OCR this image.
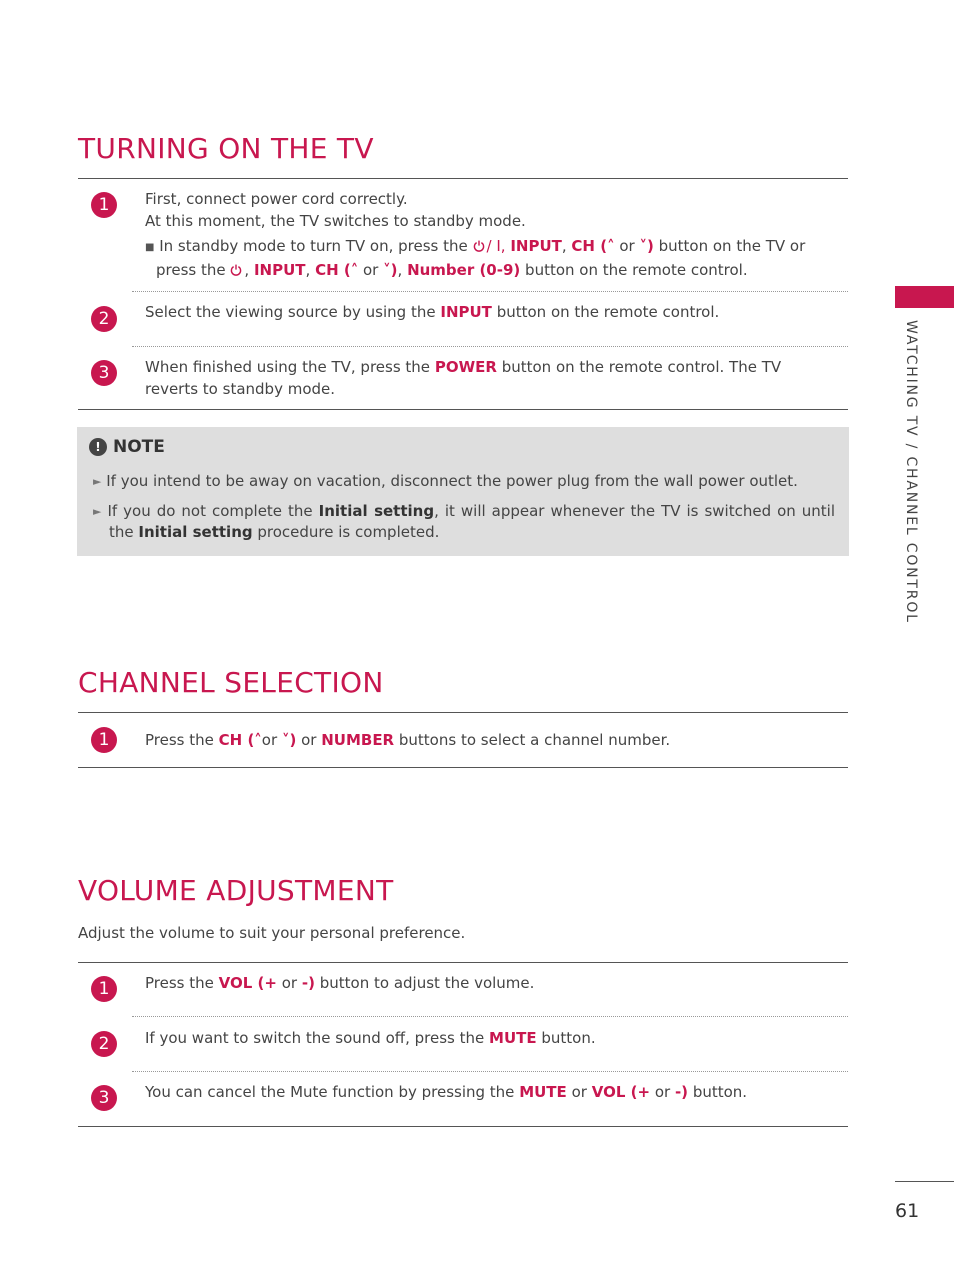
TURNING ON THE TV
1	First, connect power cord correctly.

At this moment, the TV switches to standby mode.

■ In standby mode to turn TV on, press the / I, INPUT, CH (˄ or ˅) button on the TV or press the , INPUT, CH (˄ or ˅), Number (0-9) button on the remote control.

2	Select the viewing source by using the INPUT button on the remote control.

3	When finished using the TV, press the POWER button on the remote control. The TV reverts to standby mode.

! NOTE

► If you intend to be away on vacation, disconnect the power plug from the wall power outlet.

► If you do not complete the Initial setting, it will appear whenever the TV is switched on until the Initial setting procedure is completed.

CHANNEL SELECTION
1	Press the CH (˄or ˅) or NUMBER buttons to select a channel number.

VOLUME ADJUSTMENT
Adjust the volume to suit your personal preference.
1	Press the VOL (+ or -) button to adjust the volume.

2	If you want to switch the sound off, press the MUTE button.

3	You can cancel the Mute function by pressing the MUTE or VOL (+ or -) button.

WATCHING TV / CHANNEL CONTROL
61
